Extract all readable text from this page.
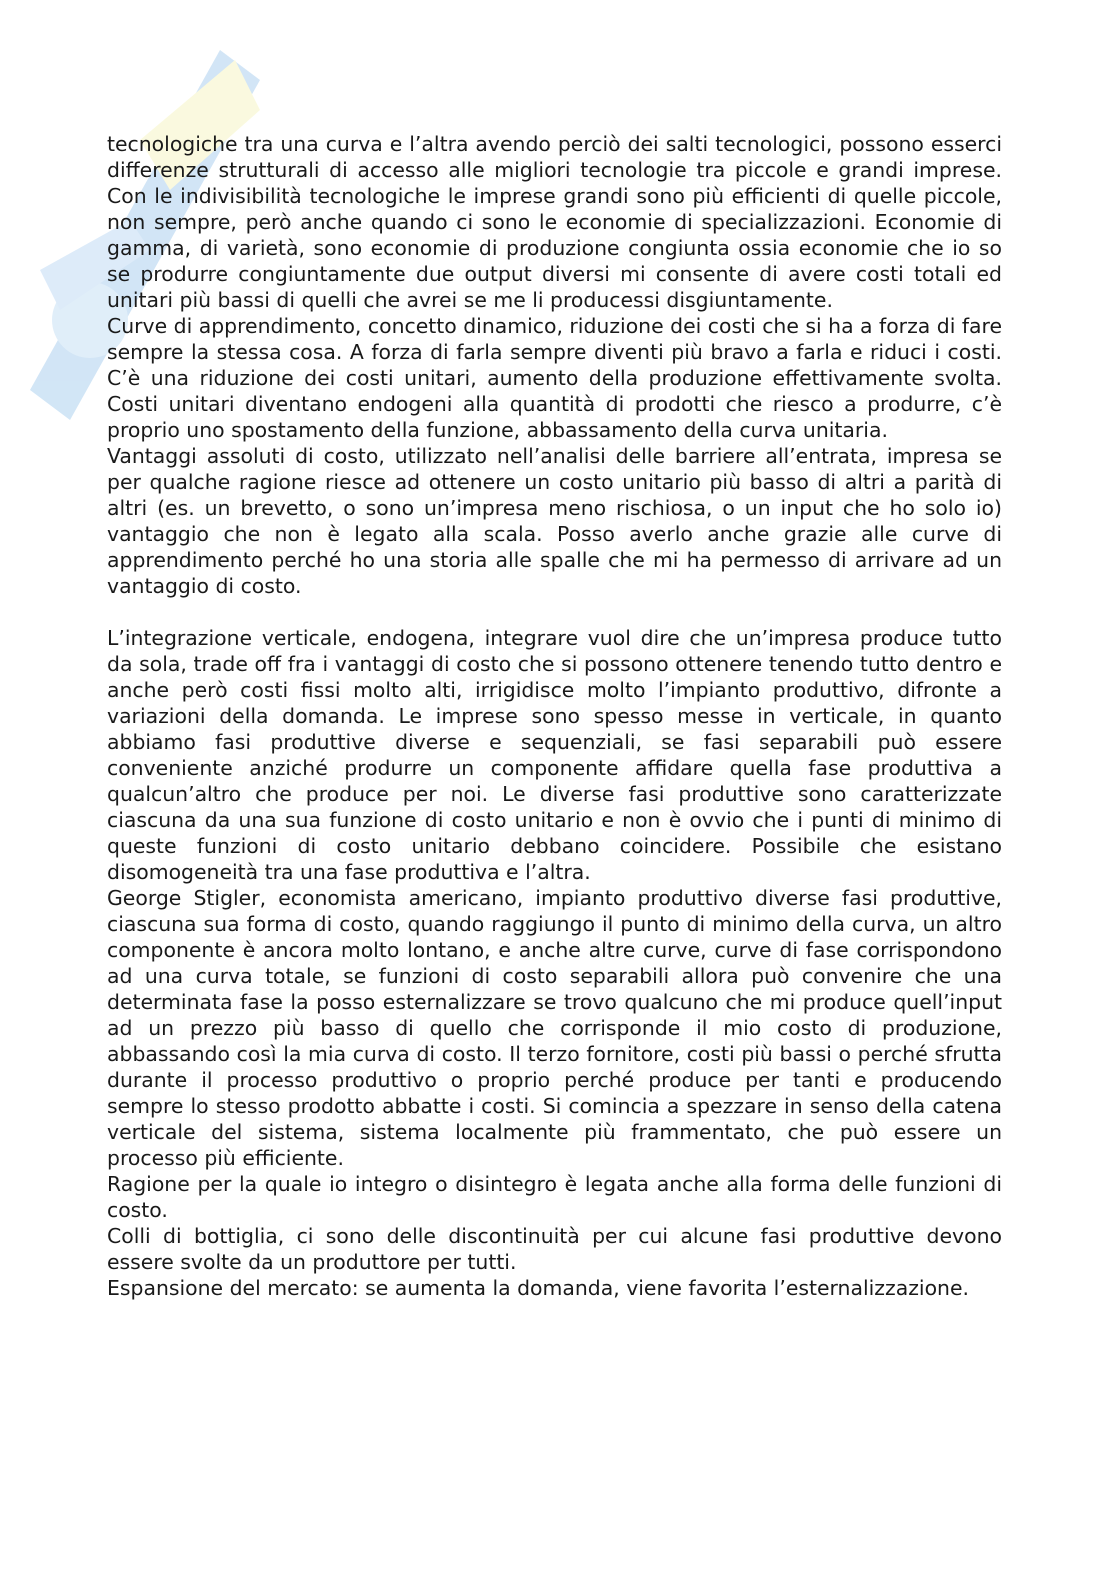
tecnologiche tra una curva e l’altra avendo perciò dei salti tecnologici, possono esserci differenze strutturali di accesso alle migliori tecnologie tra piccole e grandi imprese. Con le indivisibilità tecnologiche le imprese grandi sono più efficienti di quelle piccole, non sempre, però anche quando ci sono le economie di specializzazioni. Economie di gamma, di varietà, sono economie di produzione congiunta ossia economie che io so se produrre congiuntamente due output diversi mi consente di avere costi totali ed unitari più bassi di quelli che avrei se me li producessi disgiuntamente.

Curve di apprendimento, concetto dinamico, riduzione dei costi che si ha a forza di fare sempre la stessa cosa. A forza di farla sempre diventi più bravo a farla e riduci i costi. C’è una riduzione dei costi unitari, aumento della produzione effettivamente svolta. Costi unitari diventano endogeni alla quantità di prodotti che riesco a produrre, c’è proprio uno spostamento della funzione, abbassamento della curva unitaria.

Vantaggi assoluti di costo, utilizzato nell’analisi delle barriere all’entrata, impresa se per qualche ragione riesce ad ottenere un costo unitario più basso di altri a parità di altri (es. un brevetto, o sono un’impresa meno rischiosa, o un input che ho solo io) vantaggio che non è legato alla scala. Posso averlo anche grazie alle curve di apprendimento perché ho una storia alle spalle che mi ha permesso di arrivare ad un vantaggio di costo.

L’integrazione verticale, endogena, integrare vuol dire che un’impresa produce tutto da sola, trade off fra i vantaggi di costo che si possono ottenere tenendo tutto dentro e anche però costi fissi molto alti, irrigidisce molto l’impianto produttivo, difronte a variazioni della domanda. Le imprese sono spesso messe in verticale, in quanto abbiamo fasi produttive diverse e sequenziali, se fasi separabili può essere conveniente anziché produrre un componente affidare quella fase produttiva a qualcun’altro che produce per noi. Le diverse fasi produttive sono caratterizzate ciascuna da una sua funzione di costo unitario e non è ovvio che i punti di minimo di queste funzioni di costo unitario debbano coincidere. Possibile che esistano disomogeneità tra una fase produttiva e l’altra.

George Stigler, economista americano, impianto produttivo diverse fasi produttive, ciascuna sua forma di costo, quando raggiungo il punto di minimo della curva, un altro componente è ancora molto lontano, e anche altre curve, curve di fase corrispondono ad una curva totale, se funzioni di costo separabili allora può convenire che una determinata fase la posso esternalizzare se trovo qualcuno che mi produce quell’input ad un prezzo più basso di quello che corrisponde il mio costo di produzione, abbassando così la mia curva di costo. Il terzo fornitore, costi più bassi o perché sfrutta durante il processo produttivo o proprio perché produce per tanti e producendo sempre lo stesso prodotto abbatte i costi. Si comincia a spezzare in senso della catena verticale del sistema, sistema localmente più frammentato, che può essere un processo più efficiente.

Ragione per la quale io integro o disintegro è legata anche alla forma delle funzioni di costo.

Colli di bottiglia, ci sono delle discontinuità per cui alcune fasi produttive devono essere svolte da un produttore per tutti.

Espansione del mercato: se aumenta la domanda, viene favorita l’esternalizzazione.
